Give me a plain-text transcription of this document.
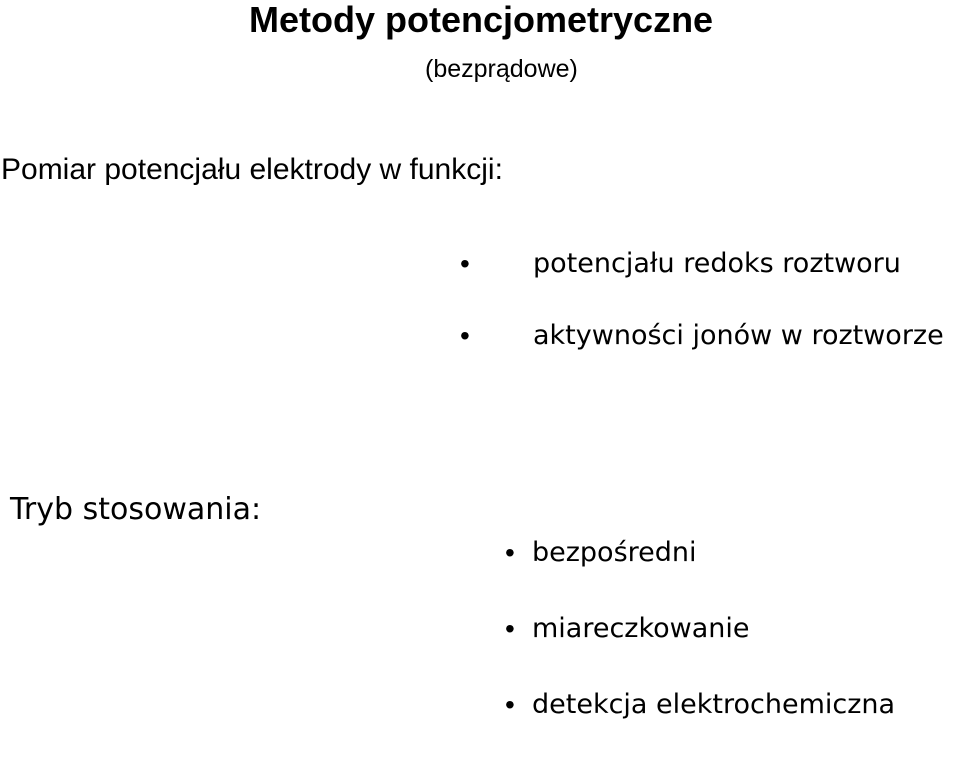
Metody potencjometryczne
(bezprądowe)
Pomiar potencjału elektrody w funkcji:
• potencjału redoks roztworu
• aktywności jonów w roztworze
Tryb stosowania:
• bezpośredni
• miareczkowanie
• detekcja elektrochemiczna
